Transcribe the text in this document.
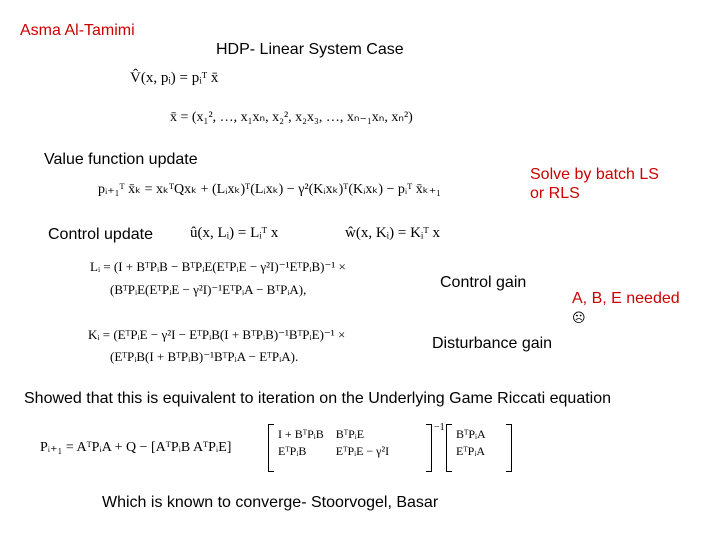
Asma Al-Tamimi
HDP- Linear System Case
V̂(x, pᵢ) = pᵢᵀ x̄
x̄ = (x₁², …, x₁xₙ, x₂², x₂x₃, …, xₙ₋₁xₙ, xₙ²)
Value function update
pᵢ₊₁ᵀ x̄ₖ = xₖᵀQxₖ + (Lᵢxₖ)ᵀ(Lᵢxₖ) − γ²(Kᵢxₖ)ᵀ(Kᵢxₖ) − pᵢᵀ x̄ₖ₊₁
Solve by batch LS
or RLS
Control update û(x, Lᵢ) = Lᵢᵀ x	ŵ(x, Kᵢ) = Kᵢᵀ x
Lᵢ = (I + BᵀPᵢB − BᵀPᵢE(EᵀPᵢE − γ²I)⁻¹EᵀPᵢB)⁻¹ ×
(BᵀPᵢE(EᵀPᵢE − γ²I)⁻¹EᵀPᵢA − BᵀPᵢA),	Control gain
A, B, E needed
☹
Kᵢ = (EᵀPᵢE − γ²I − EᵀPᵢB(I + BᵀPᵢB)⁻¹BᵀPᵢE)⁻¹ ×
(EᵀPᵢB(I + BᵀPᵢB)⁻¹BᵀPᵢA − EᵀPᵢA).
Disturbance gain
Showed that this is equivalent to iteration on the Underlying Game Riccati equation
Pᵢ₊₁ = AᵀPᵢA + Q − [AᵀPᵢB AᵀPᵢE]
I + BᵀPᵢB	BᵀPᵢE
EᵀPᵢB	EᵀPᵢE − γ²I
−1 BᵀPᵢA
EᵀPᵢA
Which is known to converge- Stoorvogel, Basar
